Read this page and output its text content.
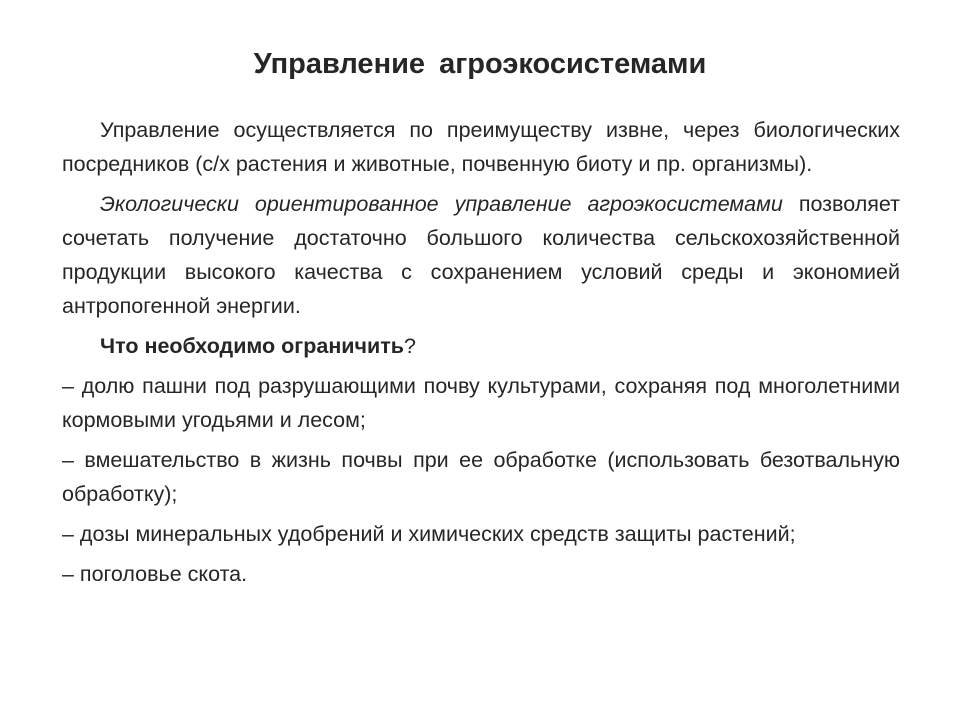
Управление агроэкосистемами

Управление осуществляется по преимуществу извне, через биологических посредников (с/х растения и животные, почвенную биоту и пр. организмы).

Экологически ориентированное управление агроэкосистемами позволяет сочетать получение достаточно большого количества сельскохозяйственной продукции высокого качества с сохранением условий среды и экономией антропогенной энергии.

Что необходимо ограничить?

– долю пашни под разрушающими почву культурами, сохраняя под многолетними кормовыми угодьями и лесом;

– вмешательство в жизнь почвы при ее обработке (использовать безотвальную обработку);

– дозы минеральных удобрений и химических средств защиты растений;

– поголовье скота.
